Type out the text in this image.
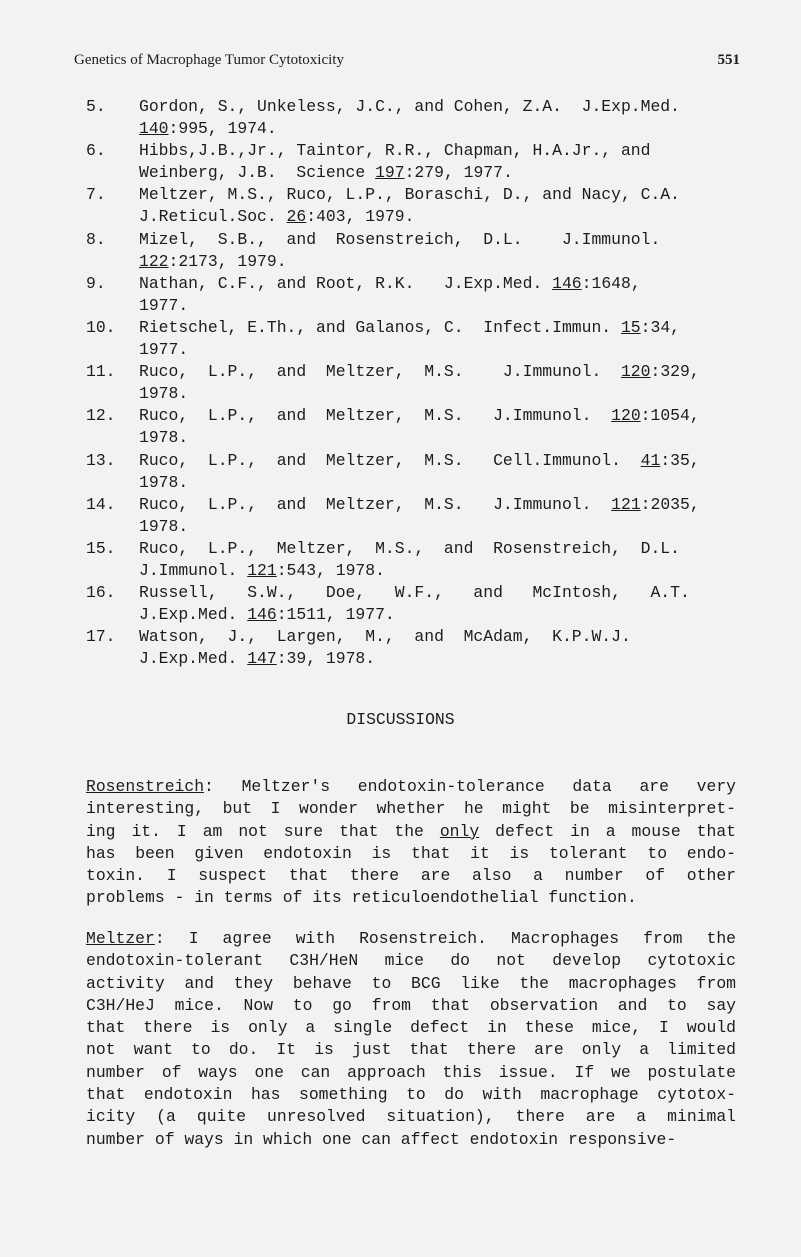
Genetics of Macrophage Tumor Cytotoxicity	551
5. Gordon, S., Unkeless, J.C., and Cohen, Z.A.  J.Exp.Med.
140:995, 1974.
6. Hibbs,J.B.,Jr., Taintor, R.R., Chapman, H.A.Jr., and
Weinberg, J.B.  Science 197:279, 1977.
7. Meltzer, M.S., Ruco, L.P., Boraschi, D., and Nacy, C.A.
J.Reticul.Soc. 26:403, 1979.
8. Mizel,  S.B.,  and  Rosenstreich,  D.L.    J.Immunol.
122:2173, 1979.
9. Nathan, C.F., and Root, R.K.   J.Exp.Med. 146:1648,
1977.
10. Rietschel, E.Th., and Galanos, C.  Infect.Immun. 15:34,
1977.
11. Ruco,  L.P.,  and  Meltzer,  M.S.    J.Immunol.  120:329,
1978.
12. Ruco,  L.P.,  and  Meltzer,  M.S.   J.Immunol.  120:1054,
1978.
13. Ruco,  L.P.,  and  Meltzer,  M.S.   Cell.Immunol.  41:35,
1978.
14. Ruco,  L.P.,  and  Meltzer,  M.S.   J.Immunol.  121:2035,
1978.
15. Ruco,  L.P.,  Meltzer,  M.S.,  and  Rosenstreich,  D.L.
J.Immunol. 121:543, 1978.
16. Russell,   S.W.,   Doe,   W.F.,   and   McIntosh,   A.T.
J.Exp.Med. 146:1511, 1977.
17. Watson,  J.,  Largen,  M.,  and  McAdam,  K.P.W.J.
J.Exp.Med. 147:39, 1978.
DISCUSSIONS
Rosenstreich: Meltzer's endotoxin-tolerance data are very
interesting, but I wonder whether he might be misinterpret-
ing it. I am not sure that the only defect in a mouse that
has been given endotoxin is that it is tolerant to endo-
toxin. I suspect that there are also a number of other
problems - in terms of its reticuloendothelial function.
Meltzer: I agree with Rosenstreich. Macrophages from the
endotoxin-tolerant C3H/HeN mice do not develop cytotoxic
activity and they behave to BCG like the macrophages from
C3H/HeJ mice. Now to go from that observation and to say
that there is only a single defect in these mice, I would
not want to do. It is just that there are only a limited
number of ways one can approach this issue. If we postulate
that endotoxin has something to do with macrophage cytotox-
icity (a quite unresolved situation), there are a minimal
number of ways in which one can affect endotoxin responsive-
